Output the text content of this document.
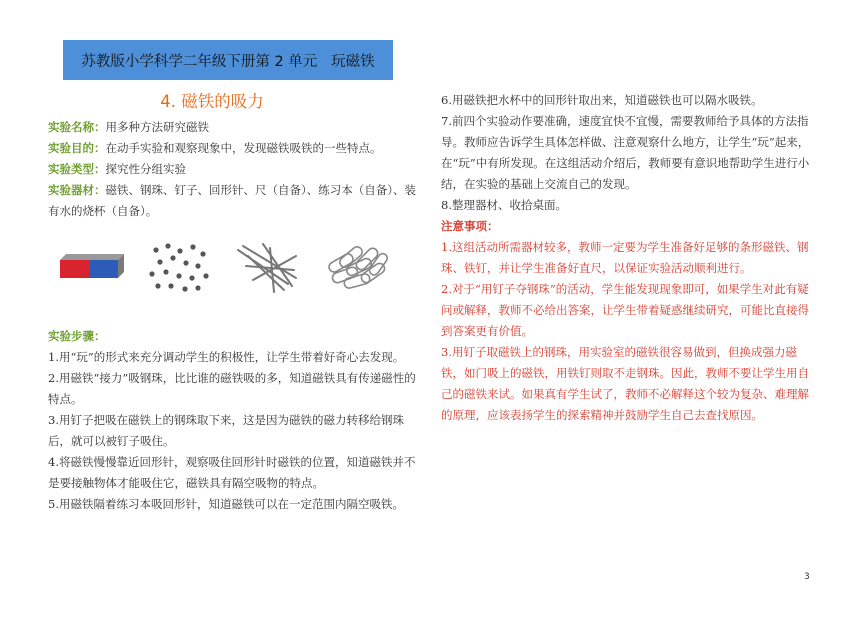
苏教版小学科学二年级下册第 2 单元   玩磁铁
4. 磁铁的吸力

实验名称：用多种方法研究磁铁

实验目的：在动手实验和观察现象中，发现磁铁吸铁的一些特点。

实验类型：探究性分组实验

实验器材：磁铁、钢珠、钉子、回形针、尺（自备）、练习本（自备）、装有水的烧杯（自备）。

实验步骤：

1.用“玩”的形式来充分调动学生的积极性，让学生带着好奇心去发现。

2.用磁铁“接力”吸钢珠，比比谁的磁铁吸的多，知道磁铁具有传递磁性的特点。

3.用钉子把吸在磁铁上的钢珠取下来，这是因为磁铁的磁力转移给钢珠后，就可以被钉子吸住。

4.将磁铁慢慢靠近回形针，观察吸住回形针时磁铁的位置，知道磁铁并不是要接触物体才能吸住它，磁铁具有隔空吸物的特点。

5.用磁铁隔着练习本吸回形针，知道磁铁可以在一定范围内隔空吸铁。

6.用磁铁把水杯中的回形针取出来，知道磁铁也可以隔水吸铁。

7.前四个实验动作要准确，速度宜快不宜慢，需要教师给予具体的方法指导。教师应告诉学生具体怎样做、注意观察什么地方，让学生“玩”起来，在“玩”中有所发现。在这组活动介绍后，教师要有意识地帮助学生进行小结，在实验的基础上交流自己的发现。

8.整理器材、收拾桌面。

注意事项：

1.这组活动所需器材较多，教师一定要为学生准备好足够的条形磁铁、钢珠、铁钉，并让学生准备好直尺，以保证实验活动顺利进行。

2.对于“用钉子夺钢珠”的活动，学生能发现现象即可，如果学生对此有疑问或解释，教师不必给出答案，让学生带着疑惑继续研究，可能比直接得到答案更有价值。

3.用钉子取磁铁上的钢珠，用实验室的磁铁很容易做到，但换成强力磁铁，如门吸上的磁铁，用铁钉则取不走钢珠。因此，教师不要让学生用自己的磁铁来试。如果真有学生试了，教师不必解释这个较为复杂、难理解的原理，应该表扬学生的探索精神并鼓励学生自己去查找原因。

3
